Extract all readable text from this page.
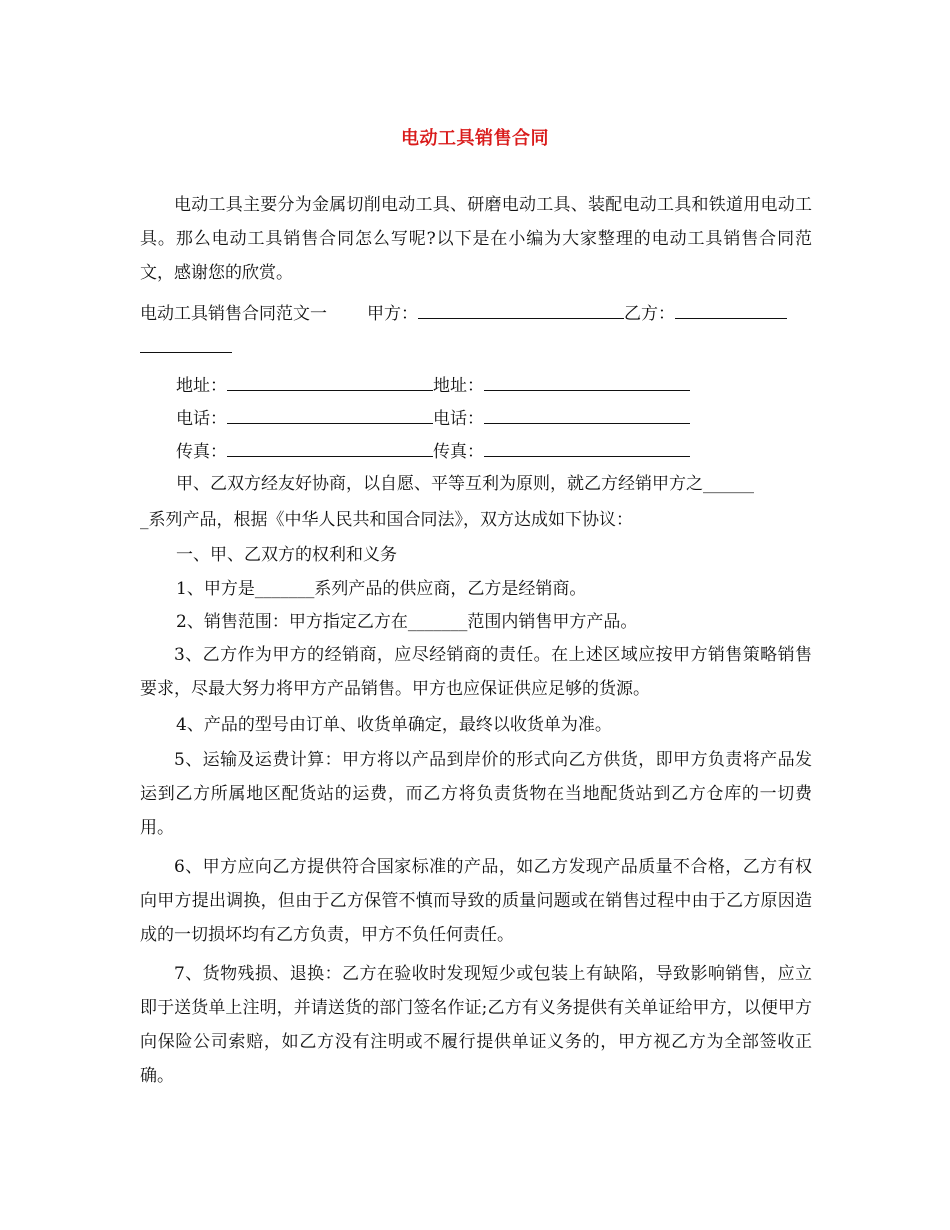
电动工具销售合同
电动工具主要分为金属切削电动工具、研磨电动工具、装配电动工具和铁道用电动工具。那么电动工具销售合同怎么写呢?以下是在小编为大家整理的电动工具销售合同范文，感谢您的欣赏。
电动工具销售合同范文一 甲方：	乙方：
地址：	地址：
电话：	电话：
传真：	传真：
甲、乙双方经友好协商，以自愿、平等互利为原则，就乙方经销甲方之______
_系列产品，根据《中华人民共和国合同法》，双方达成如下协议：
一、甲、乙双方的权利和义务
1、甲方是_______系列产品的供应商，乙方是经销商。
2、销售范围：甲方指定乙方在_______范围内销售甲方产品。
3、乙方作为甲方的经销商，应尽经销商的责任。在上述区域应按甲方销售策略销售要求，尽最大努力将甲方产品销售。甲方也应保证供应足够的货源。
4、产品的型号由订单、收货单确定，最终以收货单为准。
5、运输及运费计算：甲方将以产品到岸价的形式向乙方供货，即甲方负责将产品发运到乙方所属地区配货站的运费，而乙方将负责货物在当地配货站到乙方仓库的一切费用。
6、甲方应向乙方提供符合国家标准的产品，如乙方发现产品质量不合格，乙方有权向甲方提出调换，但由于乙方保管不慎而导致的质量问题或在销售过程中由于乙方原因造成的一切损坏均有乙方负责，甲方不负任何责任。
7、货物残损、退换：乙方在验收时发现短少或包装上有缺陷，导致影响销售，应立即于送货单上注明，并请送货的部门签名作证;乙方有义务提供有关单证给甲方，以便甲方向保险公司索赔，如乙方没有注明或不履行提供单证义务的，甲方视乙方为全部签收正确。
